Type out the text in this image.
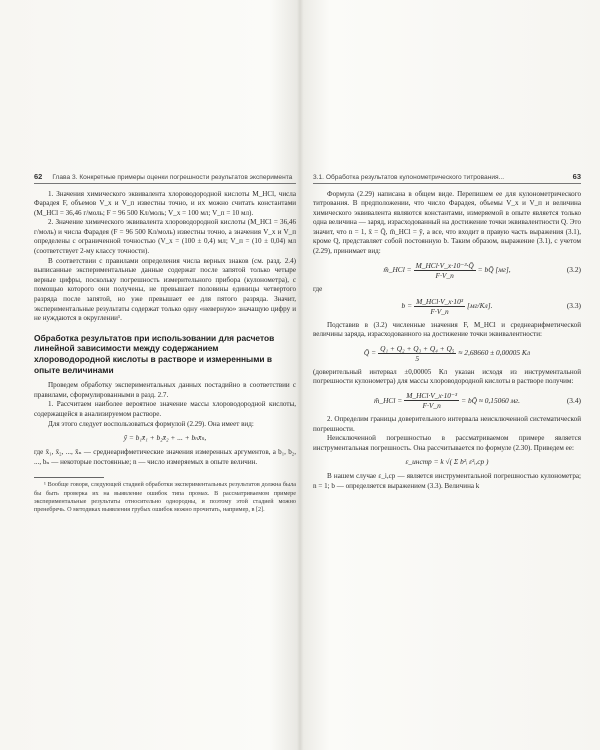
62 Глава 3. Конкретные примеры оценки погрешности результатов эксперимента

1. Значения химического эквивалента хлороводородной кислоты M_HCl, числа Фарадея F, объемов V_х и V_п известны точно, и их можно считать константами (M_HCl = 36,46 г/моль; F = 96 500 Кл/моль; V_х = 100 мл; V_п = 10 мл).

2. Значение химического эквивалента хлороводородной кислоты (M_HCl = 36,46 г/моль) и числа Фарадея (F = 96 500 Кл/моль) известны точно, а значения V_х и V_п определены с ограниченной точностью (V_х = (100 ± 0,4) мл; V_п = (10 ± 0,04) мл (соответствует 2-му классу точности).

В соответствии с правилами определения числа верных знаков (см. разд. 2.4) выписанные экспериментальные данные содержат после запятой только четыре верные цифры, поскольку погрешность измерительного прибора (кулонометра), с помощью которого они получены, не превышает половины единицы четвертого разряда после запятой, но уже превышает ее для пятого разряда. Значит, экспериментальные результаты содержат только одну «неверную» значащую цифру и не нуждаются в округлении¹.

Обработка результатов при использовании для расчетов линейной зависимости между содержанием хлороводородной кислоты в растворе и измеренными в опыте величинами

Проведем обработку экспериментальных данных постадийно в соответствии с правилами, сформулированными в разд. 2.7.

1. Рассчитаем наиболее вероятное значение массы хлороводородной кислоты, содержащейся в анализируемом растворе.

Для этого следует воспользоваться формулой (2.29). Она имеет вид:

ȳ = b₁x̄₁ + b₂x̄₂ + ... + bₙx̄ₙ,

где x̄₁, x̄₂, ..., x̄ₙ — среднеарифметические значения измеренных аргументов, а b₁, b₂, ..., bₙ — некоторые постоянные; n — число измеряемых в опыте величин.

¹ Вообще говоря, следующей стадией обработки экспериментальных результатов должна была бы быть проверка их на выявление ошибок типа промах. В рассматриваемом примере экспериментальные результаты относительно однородны, и поэтому этой стадией можно пренебречь. О методиках выявления грубых ошибок можно прочитать, например, в [2].
3.1. Обработка результатов кулонометрического титрования...	63

Формула (2.29) написана в общем виде. Перепишем ее для кулонометрического титрования. В предположении, что число Фарадея, объемы V_х и V_п и величина химического эквивалента являются константами, измеряемой в опыте является только одна величина — заряд, израсходованный на достижение точки эквивалентности Q. Это значит, что n = 1, x̄ = Q̄, m̄_HCl = ȳ, а все, что входит в правую часть выражения (3.1), кроме Q, представляет собой постоянную b. Таким образом, выражение (3.1), с учетом (2.29), принимает вид:

m̄_HCl = $\frac{\text{M\_HCl·V\_х·10⁻³·Q̄}}{F\cdot V\_п}$ = bQ̄ [мг],	(3.2)
где
$b = \frac{\text{M\_HCl·V\_х·10³}}{F\cdot V\_п} [мг/Кл]$.	(3.3)

Подставив в (3.2) численные значения F, M_HCl и среднеарифметической величины заряда, израсходованного на достижение точки эквивалентности:

Q̄ = $\frac{\text{Q₁ + Q₂ + Q₃ + Q₄ + Q₅}}{5} \approx 2,68660 \pm 0,00005$ Кл

(доверительный интервал ±0,00005 Кл указан исходя из инструментальной погрешности кулонометра) для массы хлороводородной кислоты в растворе получим:

m̄_HCl = $\frac{\text{M\_HCl·V\_х·10⁻³}}{F\cdot V\_п}$ = bQ̄ ≈ 0,15060 мг.	(3.4)

2. Определим границы доверительного интервала неисключенной систематической погрешности.

Неисключенной погрешностью в рассматриваемом примере является инструментальная погрешность. Она рассчитывается по формуле (2.30). Приведем ее:

ε_инстр = k √( Σ b²ᵢ ε²ᵢ,ср )

В нашем случае ε_i,ср — является инструментальной погрешностью кулонометра; n = 1; b — определяется выражением (3.3). Величина k
